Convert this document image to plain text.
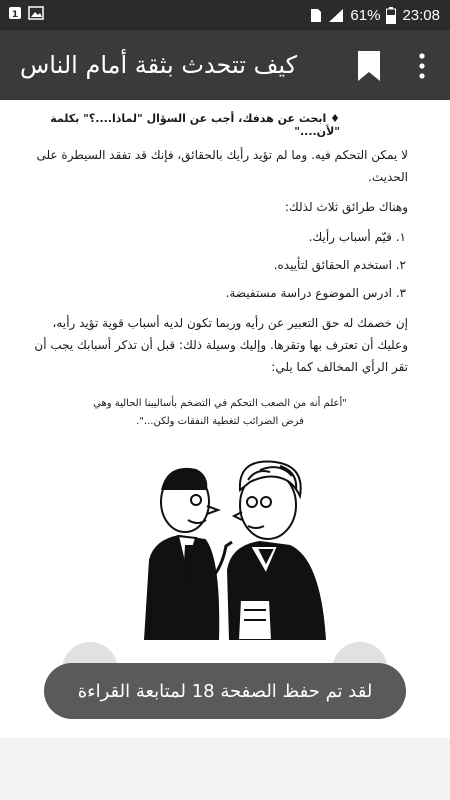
1	61% 23:08
كيف تتحدث بثقة أمام الناس
♦ ابحث عن هدفك، أجب عن السؤال "لماذا....؟" بكلمة "لأن...."
لا يمكن التحكم فيه. وما لم تؤيد رأيك بالحقائق، فإنك قد تفقد السيطرة على
الحديث.
وهناك طرائق ثلاث لذلك:
١. قيّم أسباب رأيك.
٢. استخدم الحقائق لتأييده.
٣. ادرس الموضوع دراسة مستفيضة.
إن خصمك له حق التعبير عن رأيه وربما تكون لديه أسباب قوية تؤيد رأيه،
وعليك أن تعترف بها وتقرها. وإليك وسيلة ذلك: قبل أن تذكر أسبابك يجب أن
تقر الرأي المخالف كما يلي:
"أعلم أنه من الصعب التحكم في التضخم بأساليبنا الحالية وهي
فرض الضرائب لتغطية النفقات ولكن...".
لقد تم حفظ الصفحة 18 لمتابعة القراءة
